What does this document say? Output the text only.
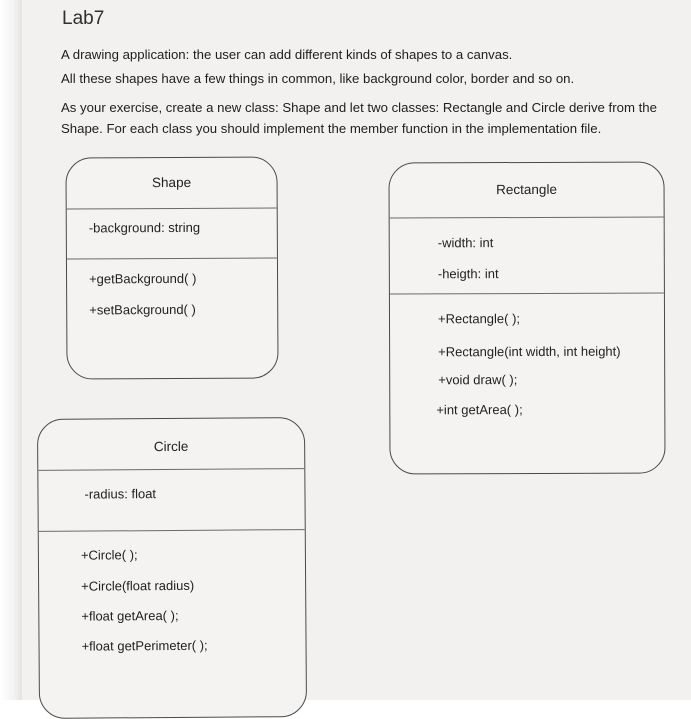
Lab7
A drawing application: the user can add different kinds of shapes to a canvas.
All these shapes have a few things in common, like background color, border and so on.
As your exercise, create a new class: Shape and let two classes: Rectangle and Circle derive from the
Shape. For each class you should implement the member function in the implementation file.
Shape
-background: string
+getBackground( )
+setBackground( )
Rectangle
-width: int
-heigth: int
+Rectangle( );
+Rectangle(int width, int height)
+void draw( );
+int getArea( );
Circle
-radius: float
+Circle( );
+Circle(float radius)
+float getArea( );
+float getPerimeter( );
